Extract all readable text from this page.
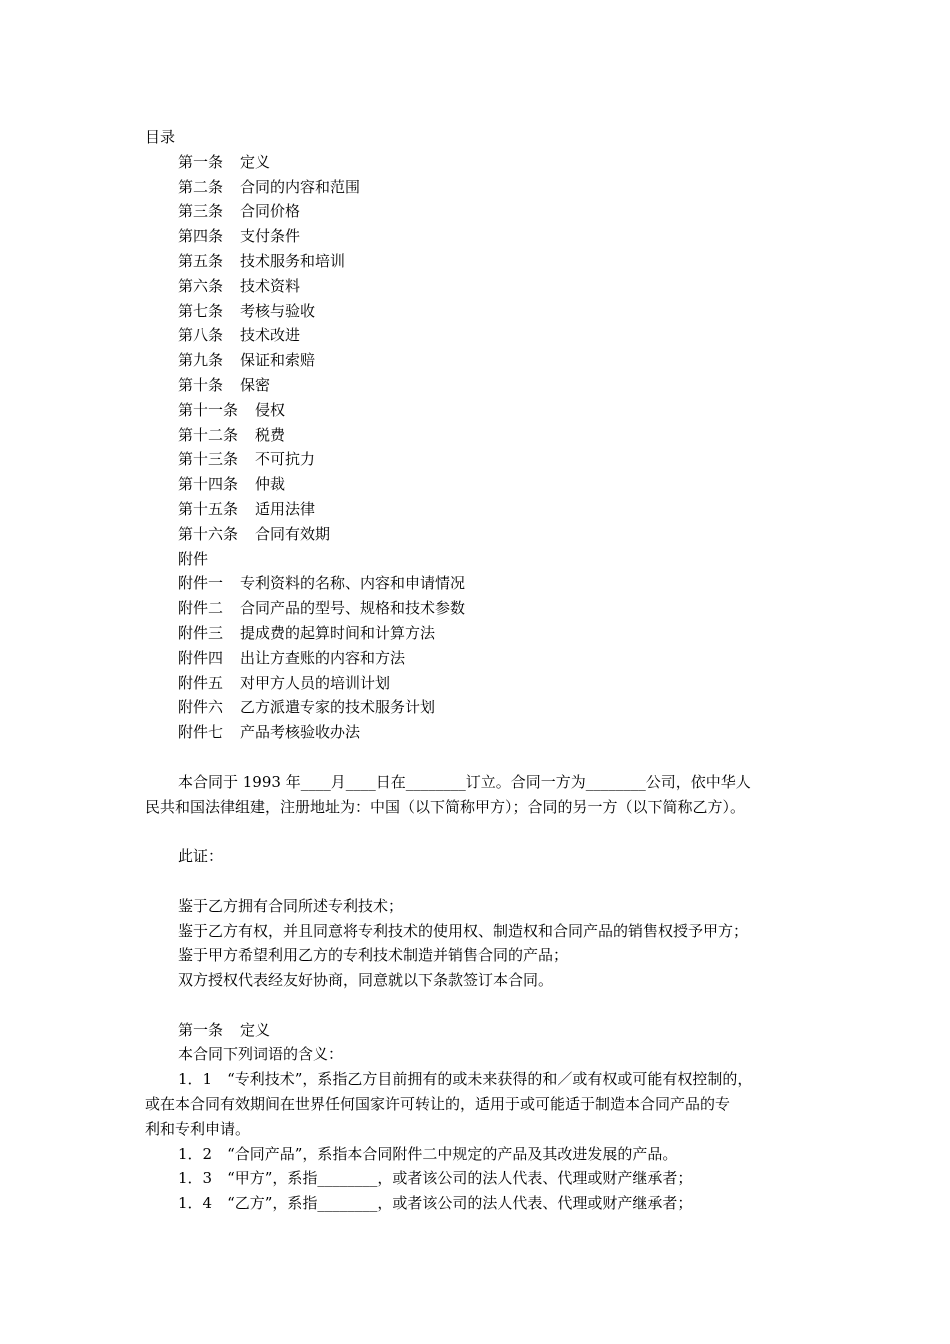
目录
第一条 定义
第二条 合同的内容和范围
第三条 合同价格
第四条 支付条件
第五条 技术服务和培训
第六条 技术资料
第七条 考核与验收
第八条 技术改进
第九条 保证和索赔
第十条 保密
第十一条 侵权
第十二条 税费
第十三条 不可抗力
第十四条 仲裁
第十五条 适用法律
第十六条 合同有效期
附件
附件一 专利资料的名称、内容和申请情况
附件二 合同产品的型号、规格和技术参数
附件三 提成费的起算时间和计算方法
附件四 出让方查账的内容和方法
附件五 对甲方人员的培训计划
附件六 乙方派遣专家的技术服务计划
附件七 产品考核验收办法
本合同于 1993 年____月____日在________订立。合同一方为________公司，依中华人
民共和国法律组建，注册地址为：中国（以下简称甲方）；合同的另一方（以下简称乙方）。
此证：
鉴于乙方拥有合同所述专利技术；
鉴于乙方有权，并且同意将专利技术的使用权、制造权和合同产品的销售权授予甲方；
鉴于甲方希望利用乙方的专利技术制造并销售合同的产品；
双方授权代表经友好协商，同意就以下条款签订本合同。
第一条 定义
本合同下列词语的含义：
1．1　“专利技术”，系指乙方目前拥有的或未来获得的和／或有权或可能有权控制的，
或在本合同有效期间在世界任何国家许可转让的，适用于或可能适于制造本合同产品的专
利和专利申请。
1．2　“合同产品”，系指本合同附件二中规定的产品及其改进发展的产品。
1．3　“甲方”，系指________，或者该公司的法人代表、代理或财产继承者；
1．4　“乙方”，系指________，或者该公司的法人代表、代理或财产继承者；
